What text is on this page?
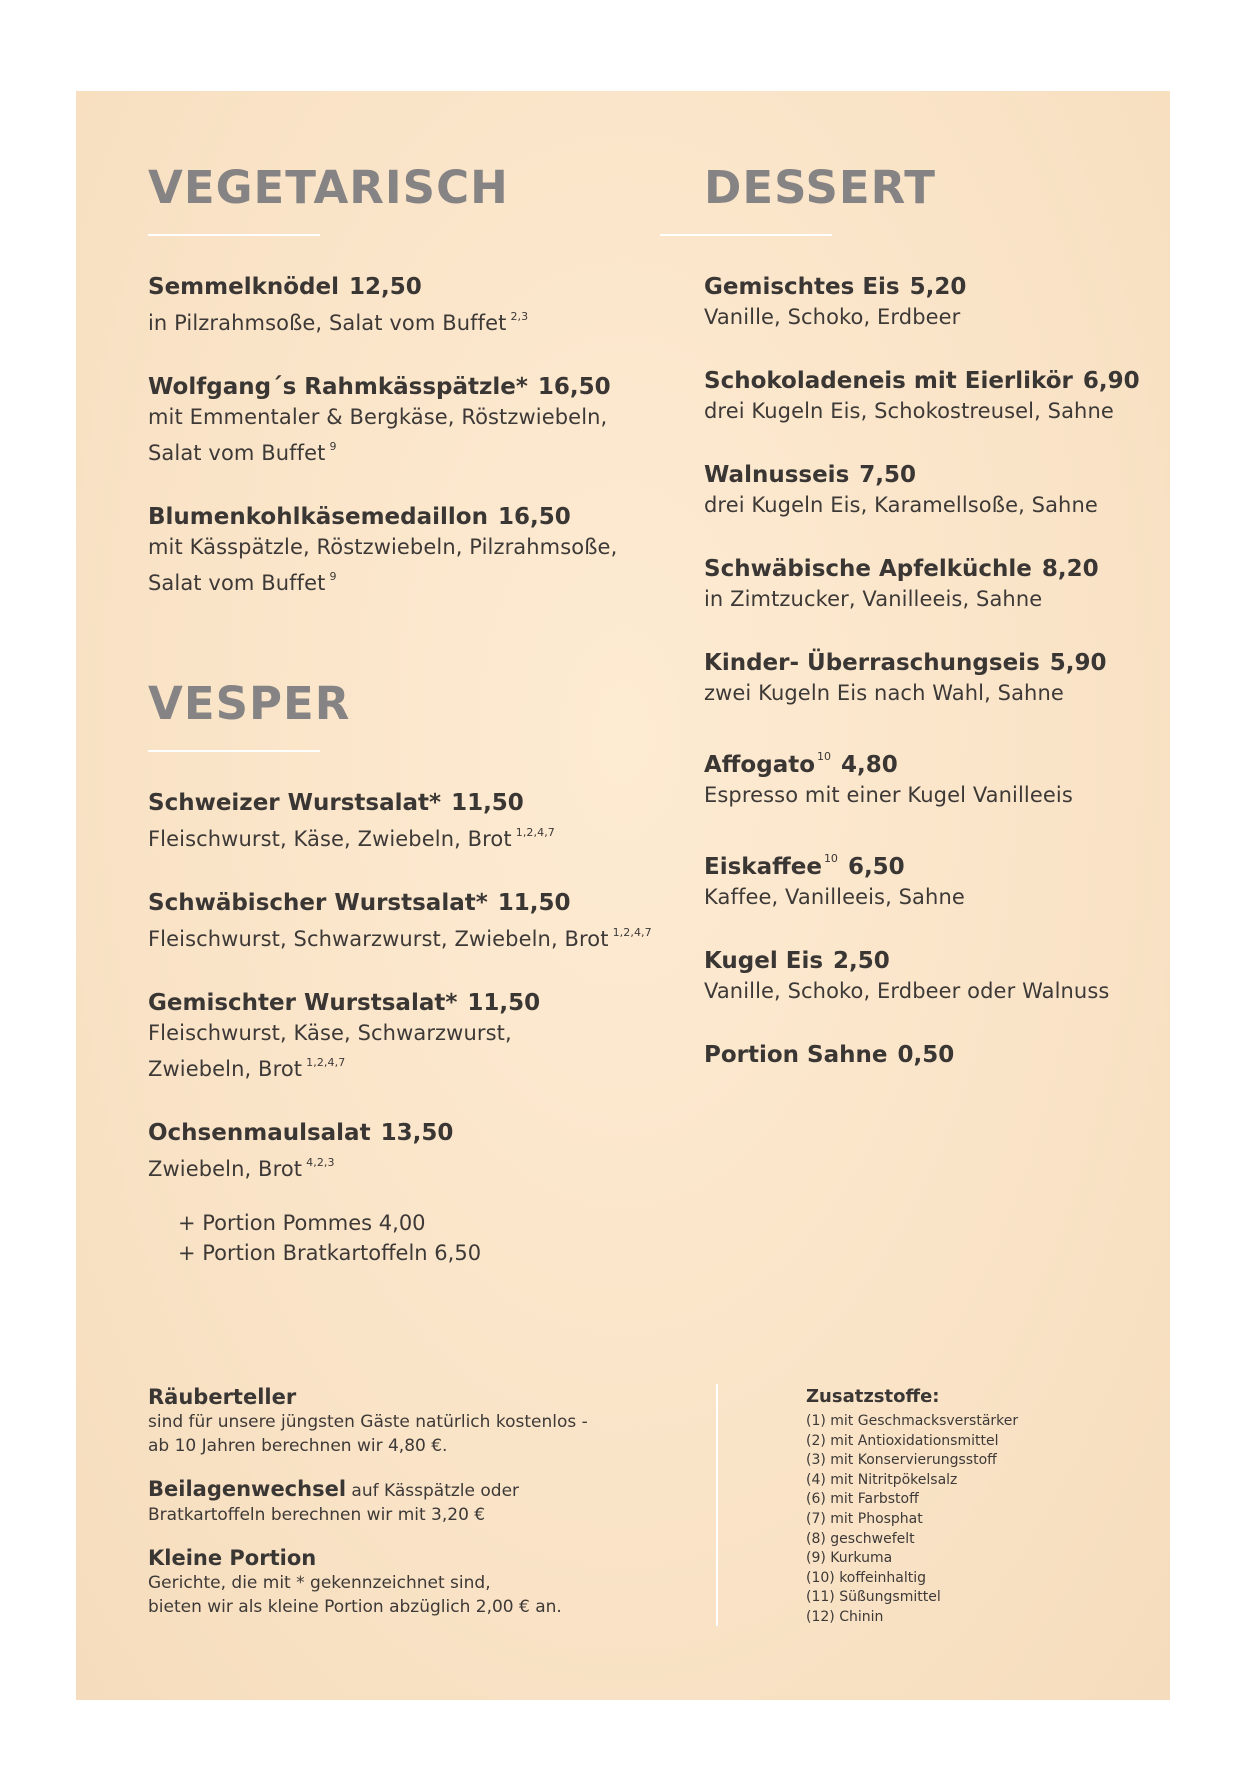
VEGETARISCH
Semmelknödel 12,50
in Pilzrahmsoße, Salat vom Buffet $^{2,3}$
Wolfgang´s Rahmkässpätzle* 16,50
mit Emmentaler & Bergkäse, Röstzwiebeln,
Salat vom Buffet $^9$
Blumenkohlkäsemedaillon 16,50
mit Kässpätzle, Röstzwiebeln, Pilzrahmsoße,
Salat vom Buffet $^9$
VESPER
Schweizer Wurstsalat* 11,50
Fleischwurst, Käse, Zwiebeln, Brot $^{1,2,4,7}$
Schwäbischer Wurstsalat* 11,50
Fleischwurst, Schwarzwurst, Zwiebeln, Brot $^{1,2,4,7}$
Gemischter Wurstsalat* 11,50
Fleischwurst, Käse, Schwarzwurst,
Zwiebeln, Brot $^{1,2,4,7}$
Ochsenmaulsalat 13,50
Zwiebeln, Brot $^{4,2,3}$
+ Portion Pommes 4,00
+ Portion Bratkartoffeln 6,50
DESSERT
Gemischtes Eis 5,20
Vanille, Schoko, Erdbeer
Schokoladeneis mit Eierlikör 6,90
drei Kugeln Eis, Schokostreusel, Sahne
Walnusseis 7,50
drei Kugeln Eis, Karamellsoße, Sahne
Schwäbische Apfelküchle 8,20
in Zimtzucker, Vanilleeis, Sahne
Kinder- Überraschungseis 5,90
zwei Kugeln Eis nach Wahl, Sahne
Affogato $^{10}$ 4,80
Espresso mit einer Kugel Vanilleeis
Eiskaffee $^{10}$ 6,50
Kaffee, Vanilleeis, Sahne
Kugel Eis 2,50
Vanille, Schoko, Erdbeer oder Walnuss
Portion Sahne 0,50
Räuberteller
sind für unsere jüngsten Gäste natürlich kostenlos -
ab 10 Jahren berechnen wir 4,80 €.
Beilagenwechsel auf Kässpätzle oder
Bratkartoffeln berechnen wir mit 3,20 €
Kleine Portion
Gerichte, die mit * gekennzeichnet sind,
bieten wir als kleine Portion abzüglich 2,00 € an.
Zusatzstoffe:
(1) mit Geschmacksverstärker
(2) mit Antioxidationsmittel
(3) mit Konservierungsstoff
(4) mit Nitritpökelsalz
(6) mit Farbstoff
(7) mit Phosphat
(8) geschwefelt
(9) Kurkuma
(10) koffeinhaltig
(11) Süßungsmittel
(12) Chinin
